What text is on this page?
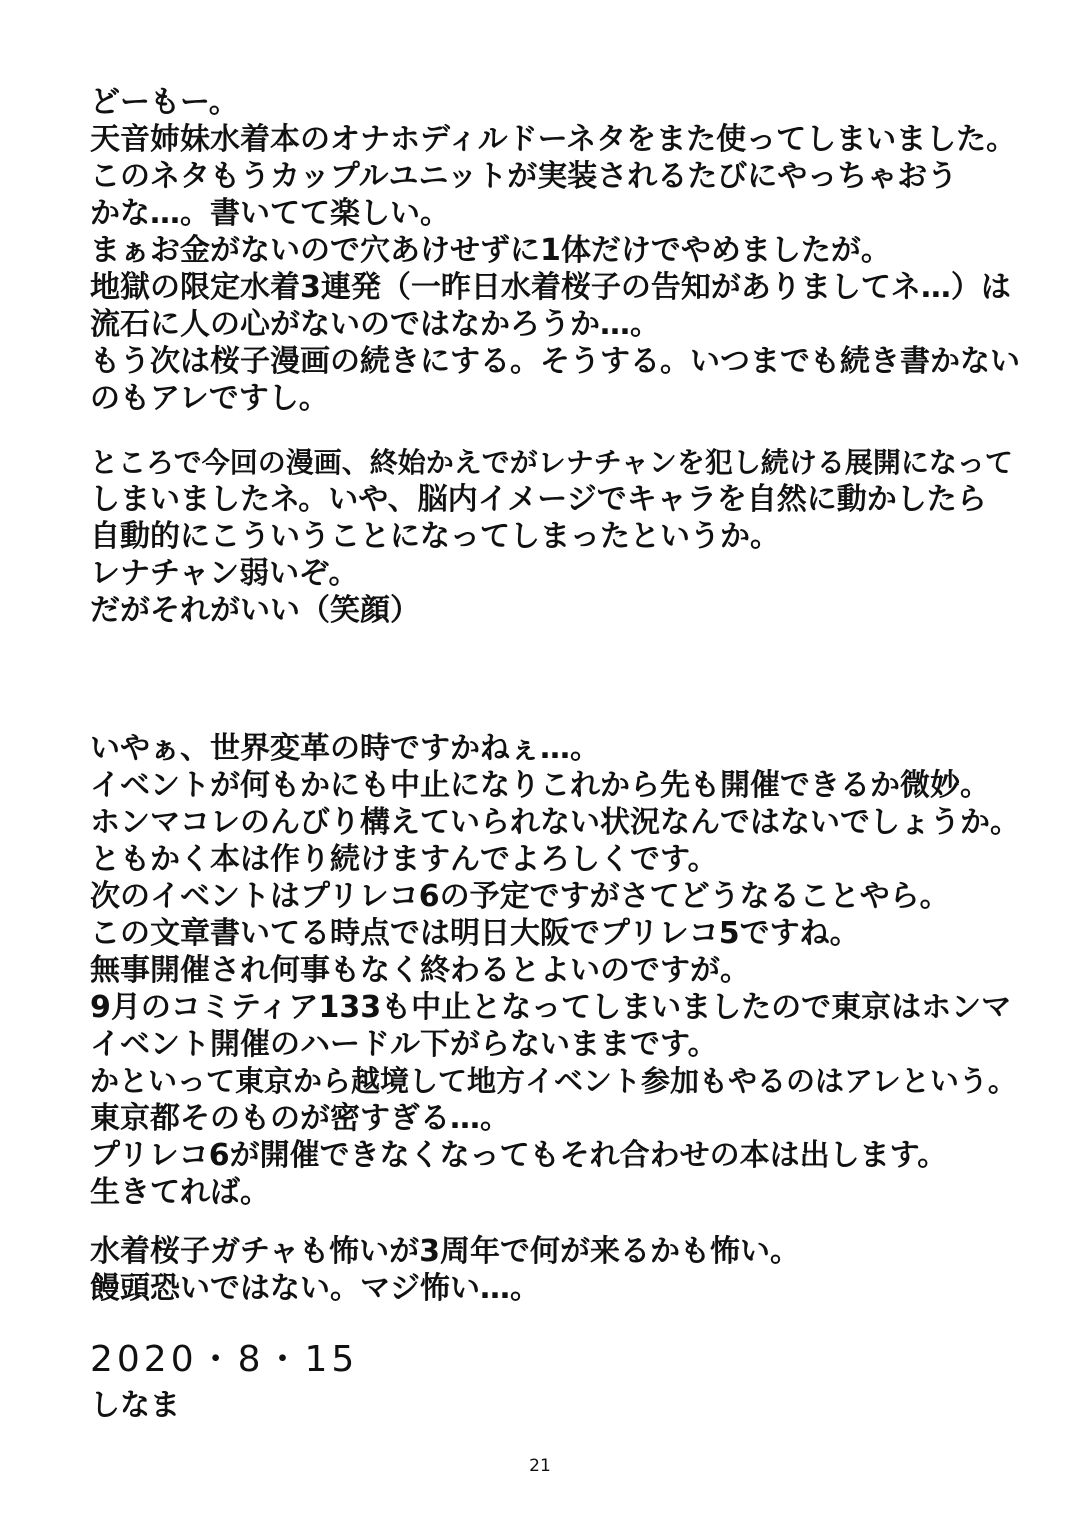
どーもー。
天音姉妹水着本のオナホディルドーネタをまた使ってしまいました。
このネタもうカップルユニットが実装されるたびにやっちゃおう
かな…。書いてて楽しい。
まぁお金がないので穴あけせずに1体だけでやめましたが。
地獄の限定水着3連発（一昨日水着桜子の告知がありましてネ…）は
流石に人の心がないのではなかろうか…。
もう次は桜子漫画の続きにする。そうする。いつまでも続き書かない
のもアレですし。
ところで今回の漫画、終始かえでがレナチャンを犯し続ける展開になって
しまいましたネ。いや、脳内イメージでキャラを自然に動かしたら
自動的にこういうことになってしまったというか。
レナチャン弱いぞ。
だがそれがいい（笑顔）
いやぁ、世界変革の時ですかねぇ…。
イベントが何もかにも中止になりこれから先も開催できるか微妙。
ホンマコレのんびり構えていられない状況なんではないでしょうか。
ともかく本は作り続けますんでよろしくです。
次のイベントはプリレコ6の予定ですがさてどうなることやら。
この文章書いてる時点では明日大阪でプリレコ5ですね。
無事開催され何事もなく終わるとよいのですが。
9月のコミティア133も中止となってしまいましたので東京はホンマ
イベント開催のハードル下がらないままです。
かといって東京から越境して地方イベント参加もやるのはアレという。
東京都そのものが密すぎる…。
プリレコ6が開催できなくなってもそれ合わせの本は出します。
生きてれば。
水着桜子ガチャも怖いが3周年で何が来るかも怖い。
饅頭恐いではない。マジ怖い…。
2020・8・15
しなま
21
